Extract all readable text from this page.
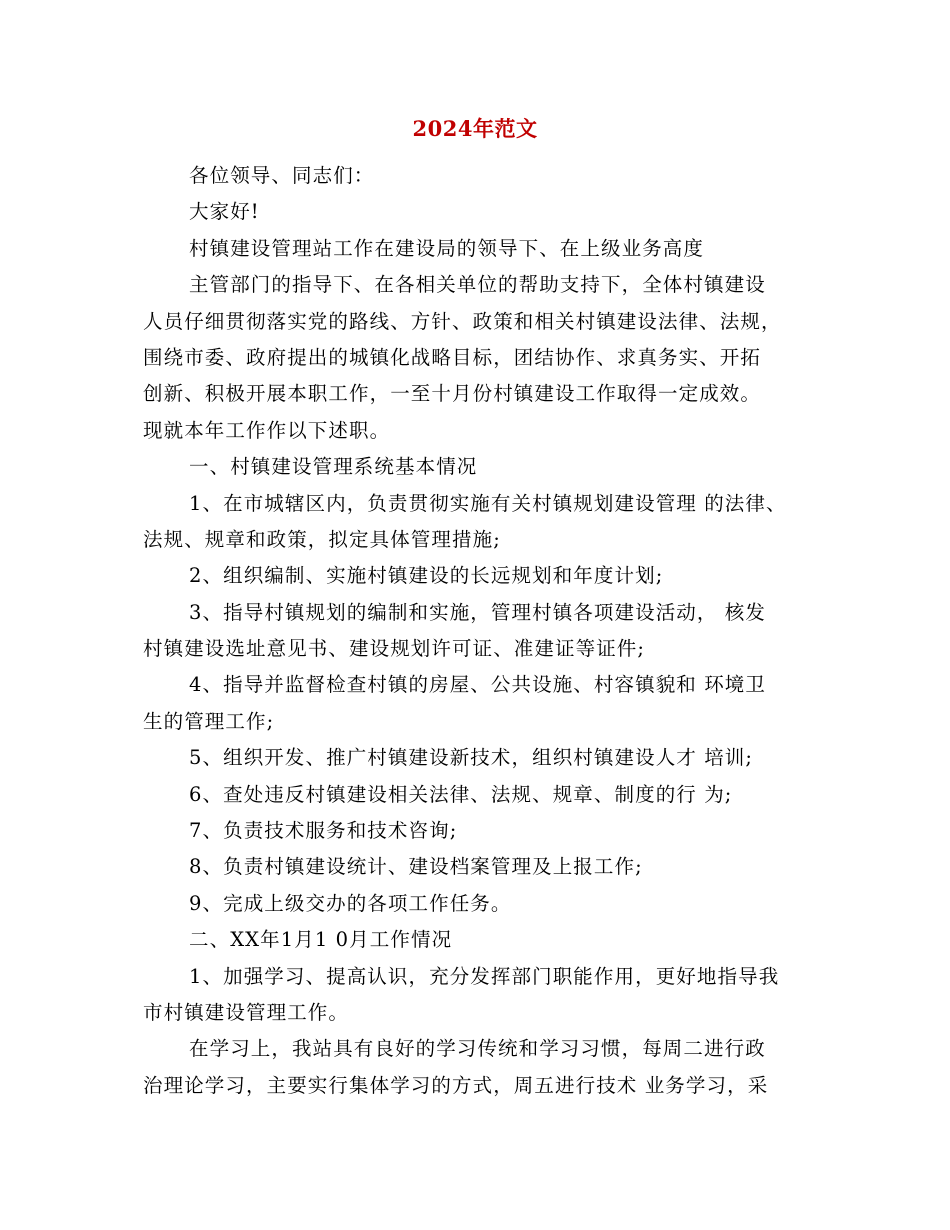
2024年范文
各位领导、同志们：
大家好!
村镇建设管理站工作在建设局的领导下、在上级业务高度
主管部门的指导下、在各相关单位的帮助支持下，全体村镇建设
人员仔细贯彻落实党的路线、方针、政策和相关村镇建设法律、法规，
围绕市委、政府提出的城镇化战略目标，团结协作、求真务实、开拓
创新、积极开展本职工作，一至十月份村镇建设工作取得一定成效。
现就本年工作作以下述职。
一、村镇建设管理系统基本情况
1、在市城辖区内，负责贯彻实施有关村镇规划建设管理 的法律、
法规、规章和政策，拟定具体管理措施;
2、组织编制、实施村镇建设的长远规划和年度计划;
3、指导村镇规划的编制和实施，管理村镇各项建设活动， 核发
村镇建设选址意见书、建设规划许可证、准建证等证件;
4、指导并监督检查村镇的房屋、公共设施、村容镇貌和 环境卫
生的管理工作;
5、组织开发、推广村镇建设新技术，组织村镇建设人才 培训;
6、查处违反村镇建设相关法律、法规、规章、制度的行 为;
7、负责技术服务和技术咨询;
8、负责村镇建设统计、建设档案管理及上报工作;
9、完成上级交办的各项工作任务。
二、XX年1月1 0月工作情况
1、加强学习、提高认识，充分发挥部门职能作用，更好地指导我
市村镇建设管理工作。
在学习上，我站具有良好的学习传统和学习习惯，每周二进行政
治理论学习，主要实行集体学习的方式，周五进行技术 业务学习，采
